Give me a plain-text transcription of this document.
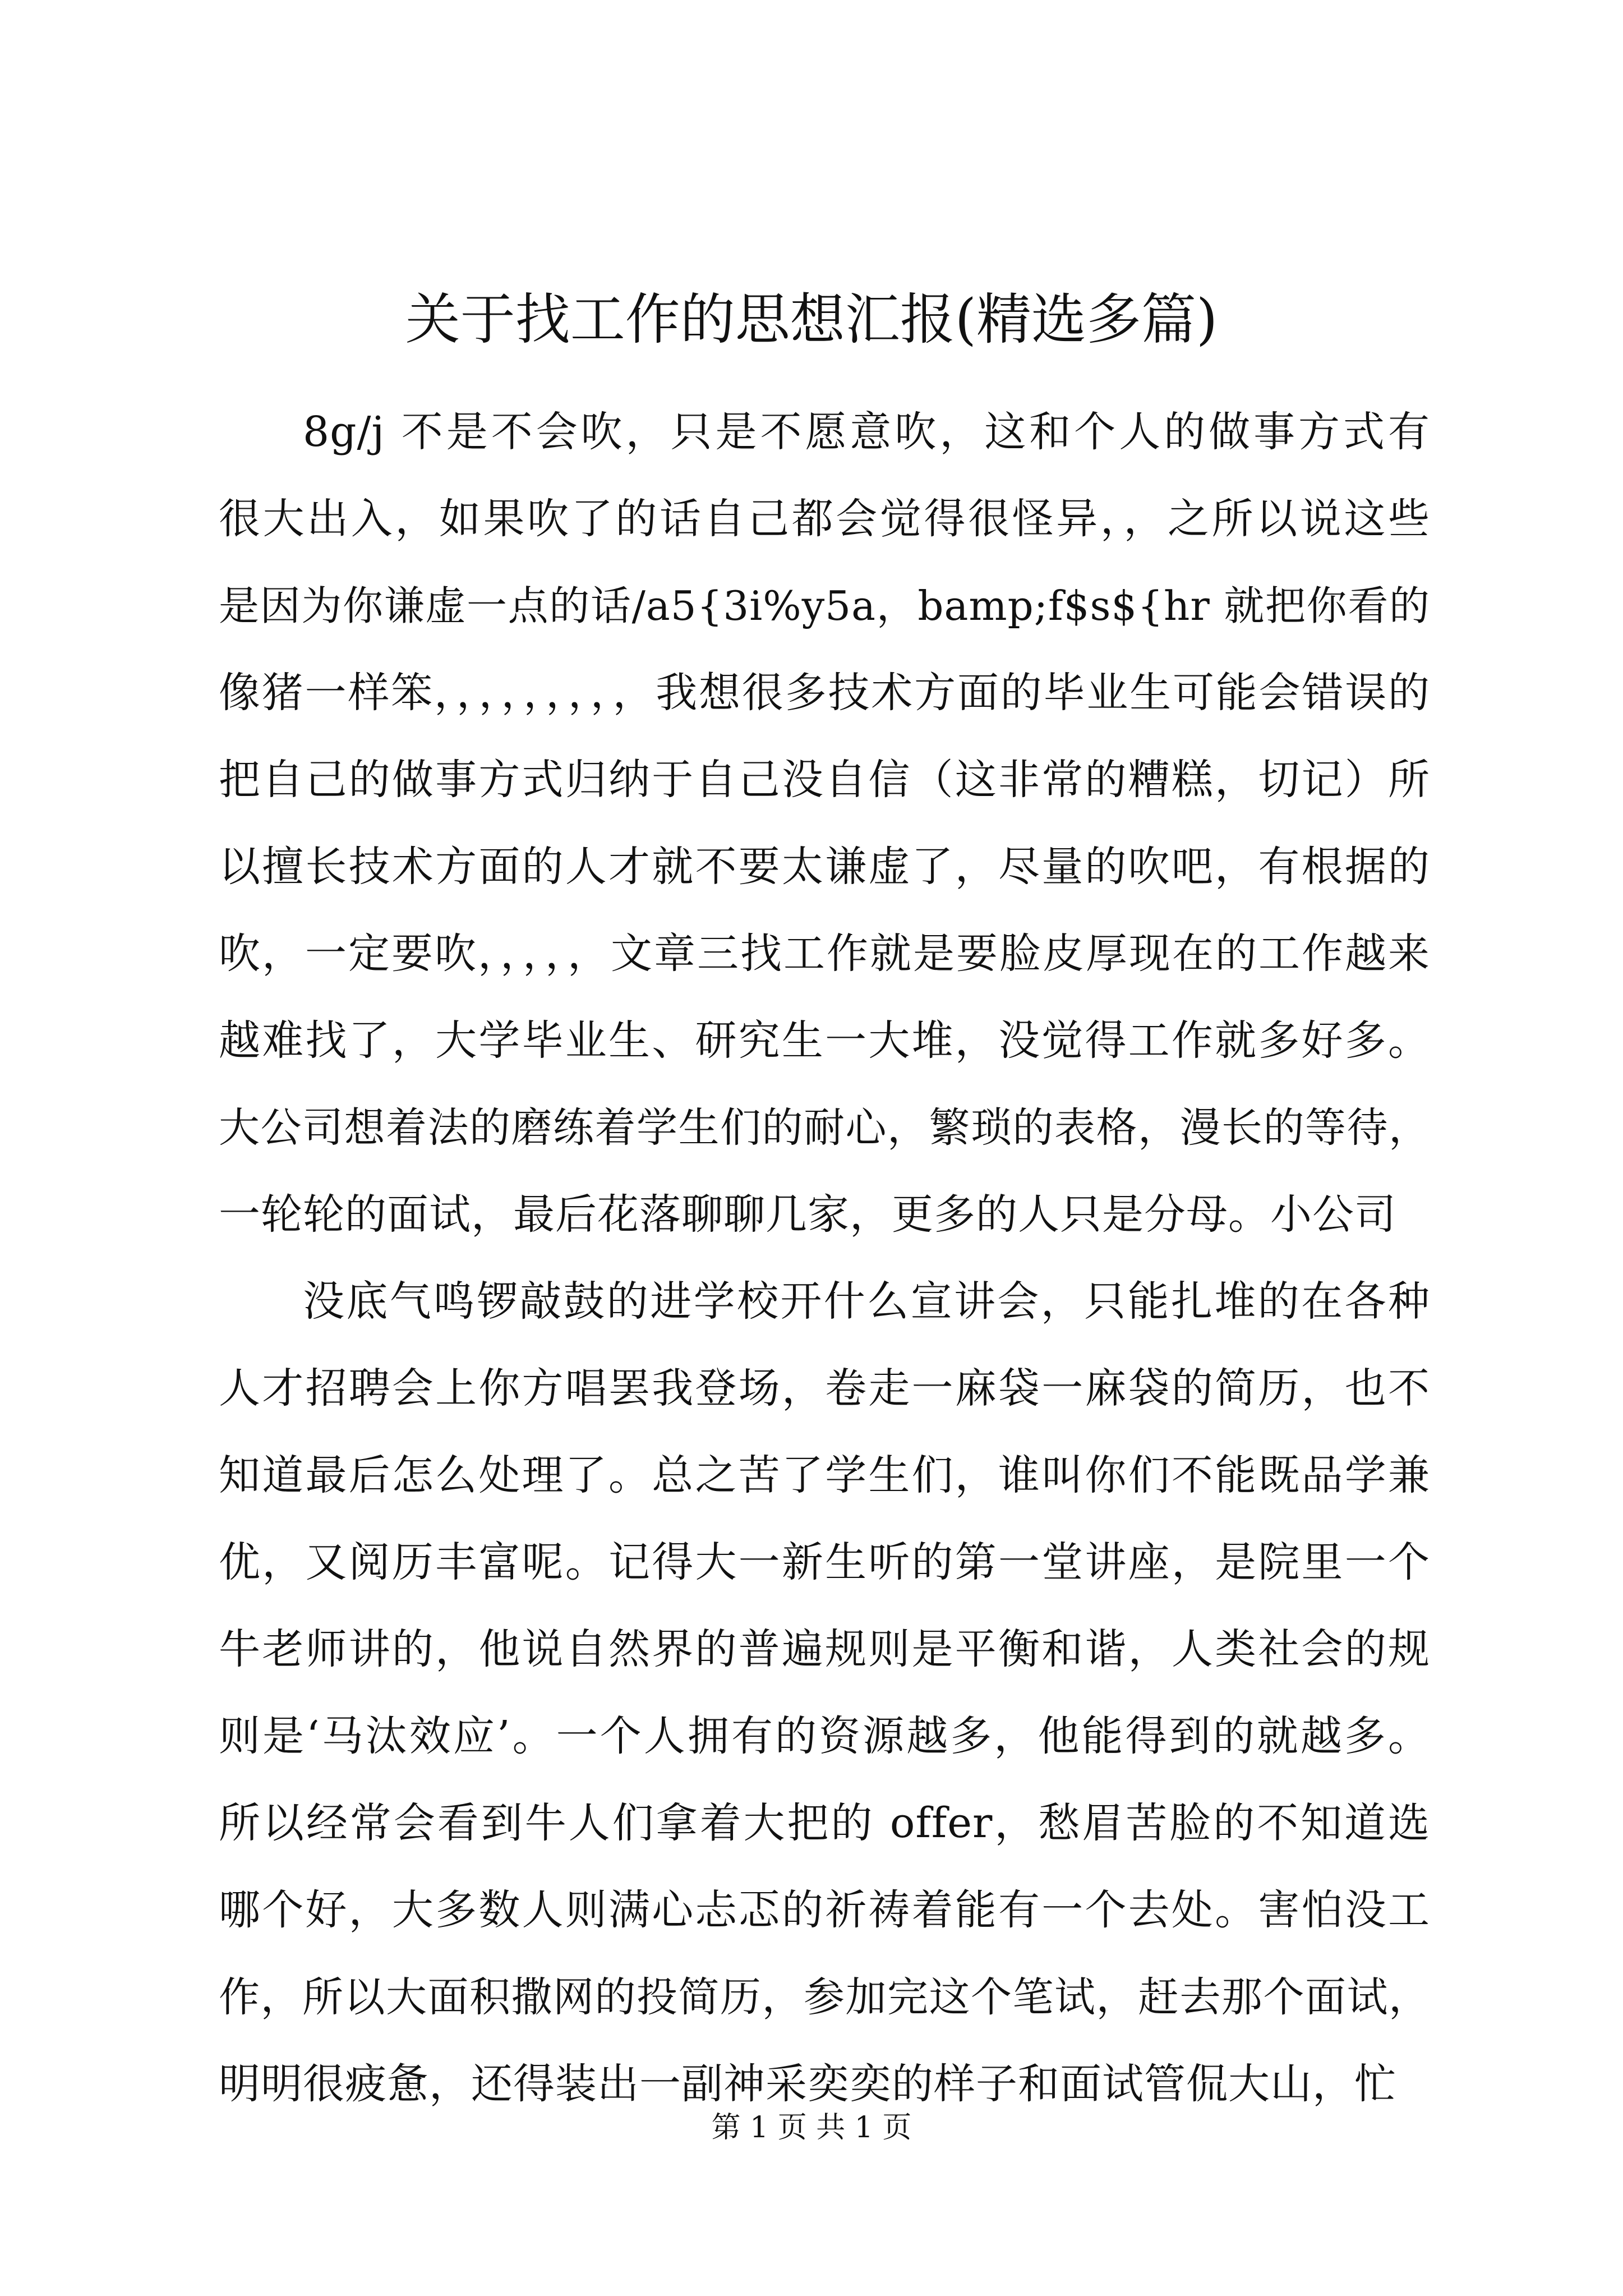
关于找工作的思想汇报(精选多篇)
8g/j 不是不会吹，只是不愿意吹，这和个人的做事方式有
很大出入，如果吹了的话自己都会觉得很怪异，，之所以说这些
是因为你谦虚一点的话/a5{3i%y5a，bamp;f$s${hr 就把你看的
像猪一样笨，，，，，，，，，我想很多技术方面的毕业生可能会错误的
把自己的做事方式归纳于自己没自信（这非常的糟糕，切记）所
以擅长技术方面的人才就不要太谦虚了，尽量的吹吧，有根据的
吹，一定要吹，，，，，文章三找工作就是要脸皮厚现在的工作越来
越难找了，大学毕业生、研究生一大堆，没觉得工作就多好多。
大公司想着法的磨练着学生们的耐心，繁琐的表格，漫长的等待，
一轮轮的面试，最后花落聊聊几家，更多的人只是分母。小公司
没底气鸣锣敲鼓的进学校开什么宣讲会，只能扎堆的在各种
人才招聘会上你方唱罢我登场，卷走一麻袋一麻袋的简历，也不
知道最后怎么处理了。总之苦了学生们，谁叫你们不能既品学兼
优，又阅历丰富呢。记得大一新生听的第一堂讲座，是院里一个
牛老师讲的，他说自然界的普遍规则是平衡和谐，人类社会的规
则是‘马汰效应’。一个人拥有的资源越多，他能得到的就越多。
所以经常会看到牛人们拿着大把的 offer，愁眉苦脸的不知道选
哪个好，大多数人则满心忐忑的祈祷着能有一个去处。害怕没工
作，所以大面积撒网的投简历，参加完这个笔试，赶去那个面试，
明明很疲惫，还得装出一副神采奕奕的样子和面试管侃大山，忙
第 1 页 共 1 页
